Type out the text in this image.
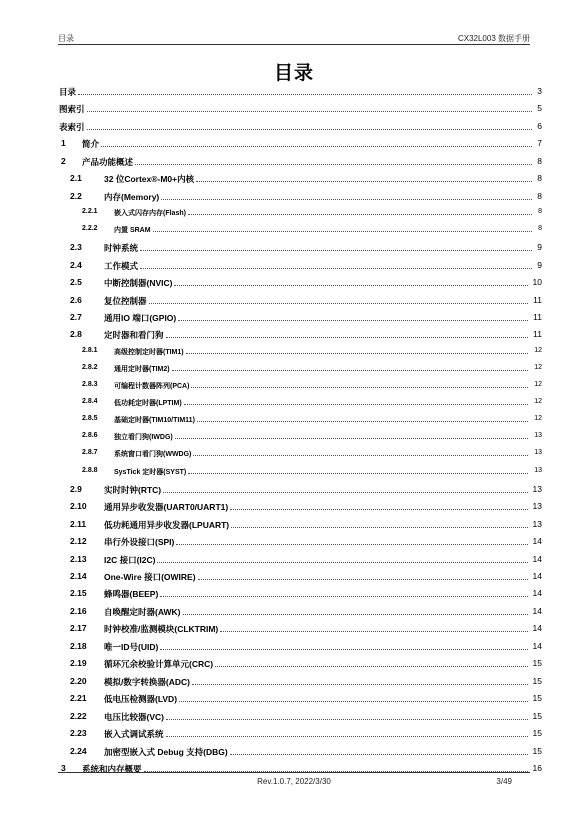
目录	CX32L003 数据手册
目录
目录	3
图索引	5
表索引	6
1 简介	7
2 产品功能概述	8
2.1	32 位Cortex®-M0+内核	8
2.2	内存(Memory)	8
2.2.1 嵌入式闪存内存(Flash)	8
2.2.2 内置 SRAM	8
2.3	时钟系统	9
2.4	工作模式	9
2.5	中断控制器(NVIC)	10
2.6	复位控制器	11
2.7	通用IO 端口(GPIO)	11
2.8	定时器和看门狗	11
2.8.1 高级控制定时器(TIM1)	12
2.8.2 通用定时器(TIM2)	12
2.8.3 可编程计数器阵列(PCA)	12
2.8.4 低功耗定时器(LPTIM)	12
2.8.5 基础定时器(TIM10/TIM11)	12
2.8.6 独立看门狗(IWDG)	13
2.8.7 系统窗口看门狗(WWDG)	13
2.8.8 SysTick 定时器(SYST)	13
2.9	实时时钟(RTC)	13
2.10 通用异步收发器(UART0/UART1)	13
2.11 低功耗通用异步收发器(LPUART)	13
2.12 串行外设接口(SPI)	14
2.13 I2C 接口(I2C)	14
2.14 One-Wire 接口(OWIRE)	14
2.15 蜂鸣器(BEEP)	14
2.16 自唤醒定时器(AWK)	14
2.17 时钟校准/监测模块(CLKTRIM)	14
2.18 唯一ID号(UID)	14
2.19 循环冗余校验计算单元(CRC)	15
2.20 模拟/数字转换器(ADC)	15
2.21 低电压检测器(LVD)	15
2.22 电压比较器(VC)	15
2.23 嵌入式调试系统	15
2.24 加密型嵌入式 Debug 支持(DBG)	15
3 系统和内存概要	16
Rev.1.0.7, 2022/3/30	3/49
